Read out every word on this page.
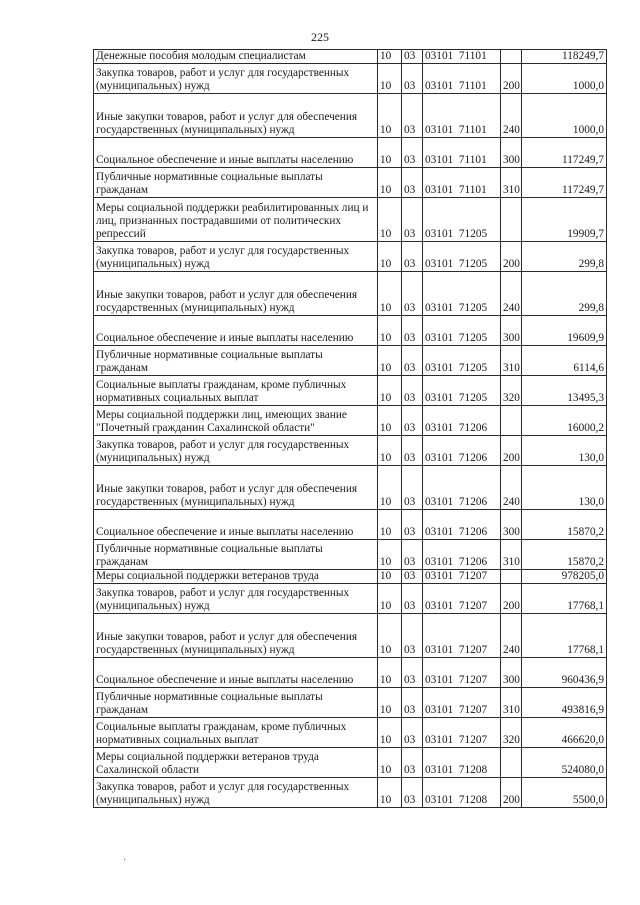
225
Денежные пособия молодым специалистам	10	03	03101 71101		118249,7
Закупка товаров, работ и услуг для государственных (муниципальных) нужд	10	03	03101 71101	200	1000,0
Иные закупки товаров, работ и услуг для обеспечения государственных (муниципальных) нужд	10	03	03101 71101	240	1000,0
Социальное обеспечение и иные выплаты населению	10	03	03101 71101	300	117249,7
Публичные нормативные социальные выплаты гражданам	10	03	03101 71101	310	117249,7
Меры социальной поддержки реабилитированных лиц и лиц, признанных пострадавшими от политических репрессий	10	03	03101 71205		19909,7
Закупка товаров, работ и услуг для государственных (муниципальных) нужд	10	03	03101 71205	200	299,8
Иные закупки товаров, работ и услуг для обеспечения государственных (муниципальных) нужд	10	03	03101 71205	240	299,8
Социальное обеспечение и иные выплаты населению	10	03	03101 71205	300	19609,9
Публичные нормативные социальные выплаты гражданам	10	03	03101 71205	310	6114,6
Социальные выплаты гражданам, кроме публичных нормативных социальных выплат	10	03	03101 71205	320	13495,3
Меры социальной поддержки лиц, имеющих звание "Почетный гражданин Сахалинской области"	10	03	03101 71206		16000,2
Закупка товаров, работ и услуг для государственных (муниципальных) нужд	10	03	03101 71206	200	130,0
Иные закупки товаров, работ и услуг для обеспечения государственных (муниципальных) нужд	10	03	03101 71206	240	130,0
Социальное обеспечение и иные выплаты населению	10	03	03101 71206	300	15870,2
Публичные нормативные социальные выплаты гражданам	10	03	03101 71206	310	15870,2
Меры социальной поддержки ветеранов труда	10	03	03101 71207		978205,0
Закупка товаров, работ и услуг для государственных (муниципальных) нужд	10	03	03101 71207	200	17768,1
Иные закупки товаров, работ и услуг для обеспечения государственных (муниципальных) нужд	10	03	03101 71207	240	17768,1
Социальное обеспечение и иные выплаты населению	10	03	03101 71207	300	960436,9
Публичные нормативные социальные выплаты гражданам	10	03	03101 71207	310	493816,9
Социальные выплаты гражданам, кроме публичных нормативных социальных выплат	10	03	03101 71207	320	466620,0
Меры социальной поддержки ветеранов труда Сахалинской области	10	03	03101 71208		524080,0
Закупка товаров, работ и услуг для государственных (муниципальных) нужд	10	03	03101 71208	200	5500,0
'
